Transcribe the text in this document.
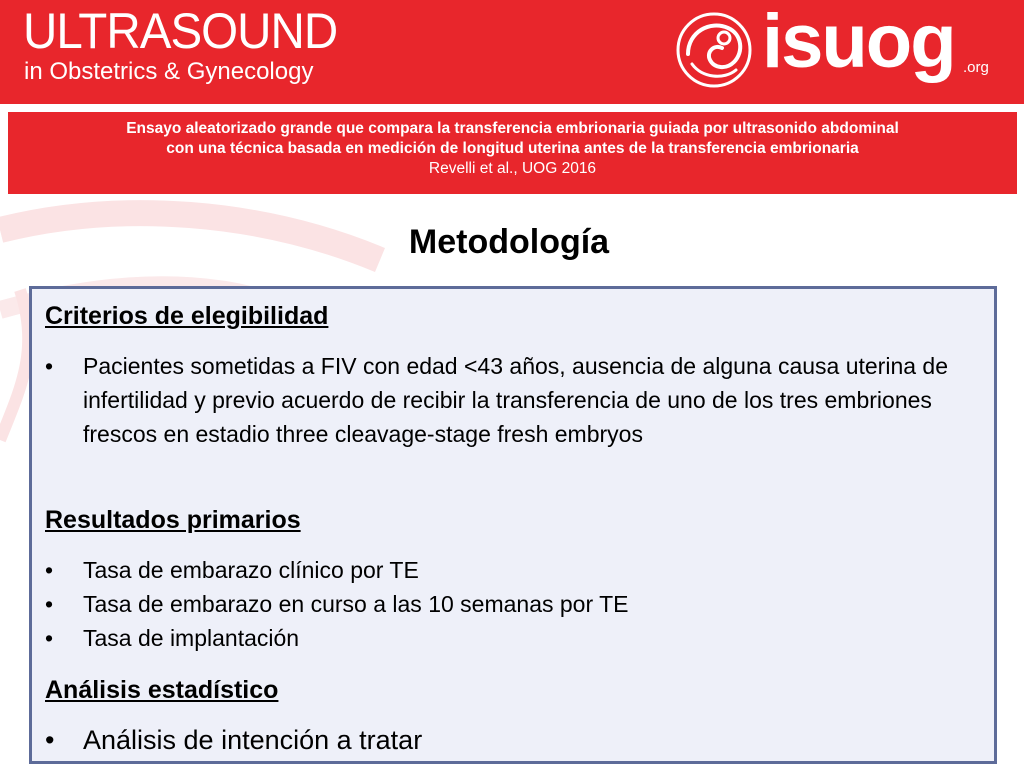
ULTRASOUND
in Obstetrics & Gynecology	isuog .org
Ensayo aleatorizado grande que compara la transferencia embrionaria guiada por ultrasonido abdominal
con una técnica basada en medición de longitud uterina antes de la transferencia embrionaria
Revelli et al., UOG 2016
Metodología
Criterios de elegibilidad
•	Pacientes sometidas a FIV con edad <43 años, ausencia de alguna causa uterina de infertilidad y previo acuerdo de recibir la transferencia de uno de los tres embriones frescos en estadio three cleavage-stage fresh embryos
Resultados primarios
•	Tasa de embarazo clínico por TE
•	Tasa de embarazo en curso a las 10 semanas por TE
•	Tasa de implantación
Análisis estadístico
•	Análisis de intención a tratar
